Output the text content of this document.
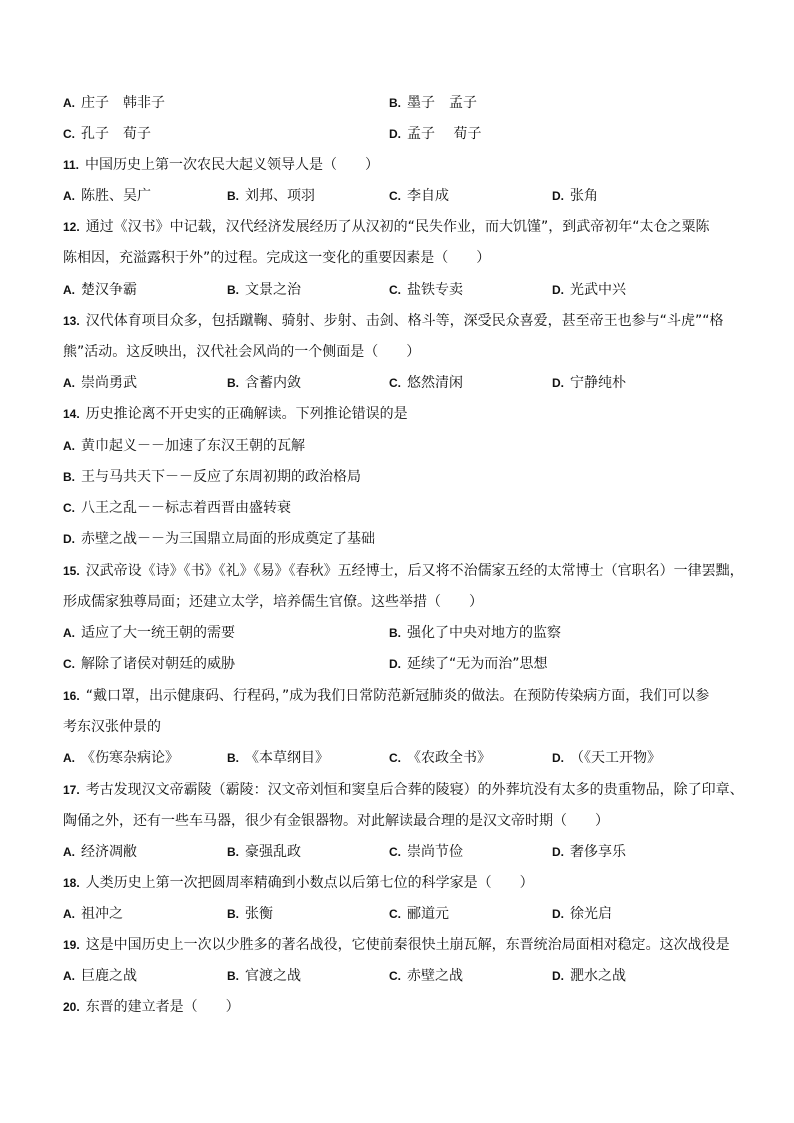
A. 庄子　韩非子	B. 墨子　孟子
C. 孔子　荀子	D. 孟子　 荀子
11. 中国历史上第一次农民大起义领导人是（　　）
A. 陈胜、吴广	B. 刘邦、项羽	C. 李自成	D. 张角
12. 通过《汉书》中记载，汉代经济发展经历了从汉初的“民失作业，而大饥馑”，到武帝初年“太仓之粟陈
陈相因，充溢露积于外”的过程。完成这一变化的重要因素是（　　）
A. 楚汉争霸	B. 文景之治	C. 盐铁专卖	D. 光武中兴
13. 汉代体育项目众多，包括蹴鞠、骑射、步射、击剑、格斗等，深受民众喜爱，甚至帝王也参与“斗虎”“格
熊”活动。这反映出，汉代社会风尚的一个侧面是（　　）
A. 崇尚勇武	B. 含蓄内敛	C. 悠然清闲	D. 宁静纯朴
14. 历史推论离不开史实的正确解读。下列推论错误的是
A. 黄巾起义－－加速了东汉王朝的瓦解
B. 王与马共天下－－反应了东周初期的政治格局
C. 八王之乱－－标志着西晋由盛转衰
D. 赤壁之战－－为三国鼎立局面的形成奠定了基础
15. 汉武帝设《诗》《书》《礼》《易》《春秋》五经博士，后又将不治儒家五经的太常博士（官职名）一律罢黜，
形成儒家独尊局面；还建立太学，培养儒生官僚。这些举措（　　）
A. 适应了大一统王朝的需要	B. 强化了中央对地方的监察
C. 解除了诸侯对朝廷的威胁	D. 延续了“无为而治”思想
16. “戴口罩，出示健康码、行程码，”成为我们日常防范新冠肺炎的做法。在预防传染病方面，我们可以参
考东汉张仲景的
A. 《伤寒杂病论》	B. 《本草纲目》	C. 《农政全书》	D. （《天工开物》
17. 考古发现汉文帝霸陵（霸陵：汉文帝刘恒和窦皇后合葬的陵寝）的外葬坑没有太多的贵重物品，除了印章、
陶俑之外，还有一些车马器，很少有金银器物。对此解读最合理的是汉文帝时期（　　）
A. 经济凋敝	B. 豪强乱政	C. 崇尚节俭	D. 奢侈享乐
18. 人类历史上第一次把圆周率精确到小数点以后第七位的科学家是（　　）
A. 祖冲之	B. 张衡	C. 郦道元	D. 徐光启
19. 这是中国历史上一次以少胜多的著名战役，它使前秦很快土崩瓦解，东晋统治局面相对稳定。这次战役是
A. 巨鹿之战	B. 官渡之战	C. 赤壁之战	D. 淝水之战
20. 东晋的建立者是（　　）
